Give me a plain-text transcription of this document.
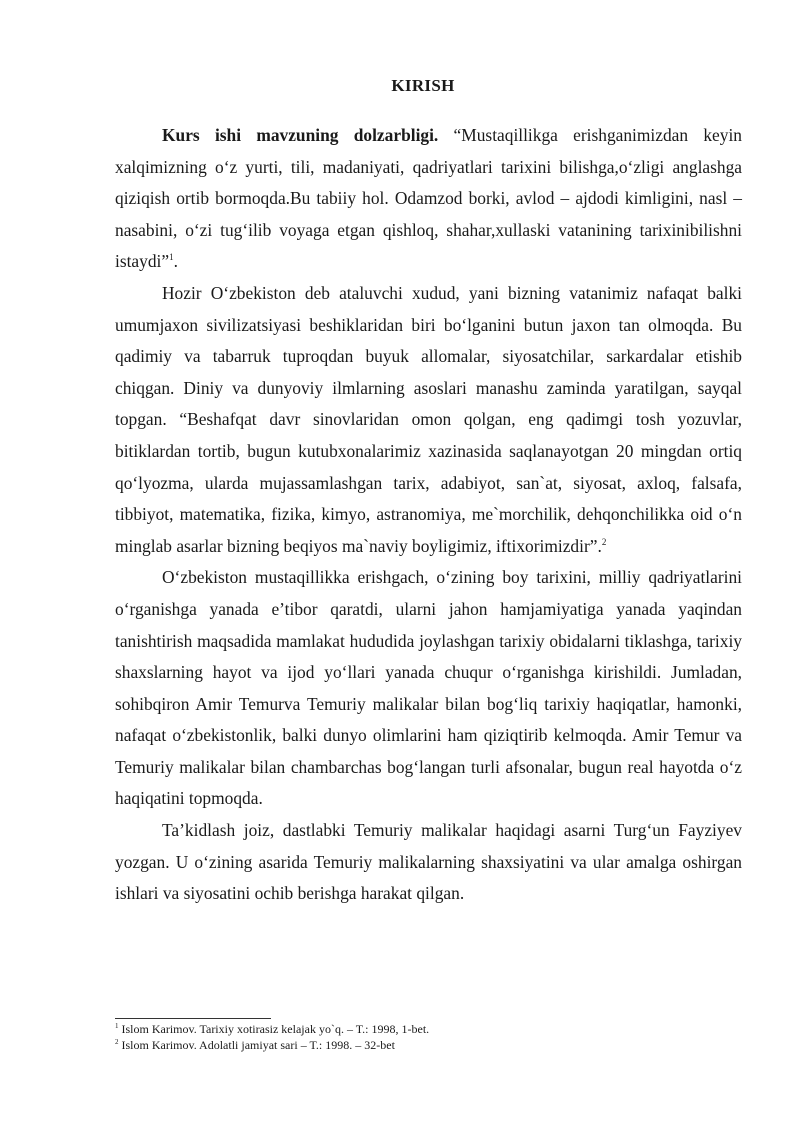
KIRISH

Kurs ishi mavzuning dolzarbligi. “Mustaqillikga erishganimizdan keyin xalqimizning o‘z yurti, tili, madaniyati, qadriyatlari tarixini bilishga,o‘zligi anglashga qiziqish ortib bormoqda.Bu tabiiy hol. Odamzod borki, avlod – ajdodi kimligini, nasl – nasabini, o‘zi tug‘ilib voyaga etgan qishloq, shahar,xullaski vatanining tarixinibilishni istaydi”$^1$.

Hozir O‘zbekiston deb ataluvchi xudud, yani bizning vatanimiz nafaqat balki umumjaxon sivilizatsiyasi beshiklaridan biri bo‘lganini butun jaxon tan olmoqda. Bu qadimiy va tabarruk tuproqdan buyuk allomalar, siyosatchilar, sarkardalar etishib chiqgan. Diniy va dunyoviy ilmlarning asoslari manashu zaminda yaratilgan, sayqal topgan. “Beshafqat davr sinovlaridan omon qolgan, eng qadimgi tosh yozuvlar, bitiklardan tortib, bugun kutubxonalarimiz xazinasida saqlanayotgan 20 mingdan ortiq qo‘lyozma, ularda mujassamlashgan tarix, adabiyot, san`at, siyosat, axloq, falsafa, tibbiyot, matematika, fizika, kimyo, astranomiya, me`morchilik, dehqonchilikka oid o‘n minglab asarlar bizning beqiyos ma`naviy boyligimiz, iftixorimizdir”.$^2$

O‘zbekiston mustaqillikka erishgach, o‘zining boy tarixini, milliy qadriyatlarini o‘rganishga yanada e’tibor qaratdi, ularni jahon hamjamiyatiga yanada yaqindan tanishtirish maqsadida mamlakat hududida joylashgan tarixiy obidalarni tiklashga, tarixiy shaxslarning hayot va ijod yo‘llari yanada chuqur o‘rganishga kirishildi. Jumladan, sohibqiron Amir Temurva Temuriy malikalar bilan bog‘liq tarixiy haqiqatlar, hamonki, nafaqat o‘zbekistonlik, balki dunyo olimlarini ham qiziqtirib kelmoqda. Amir Temur va Temuriy malikalar bilan chambarchas bog‘langan turli afsonalar, bugun real hayotda o‘z haqiqatini topmoqda.

Ta’kidlash joiz, dastlabki Temuriy malikalar haqidagi asarni Turg‘un Fayziyev yozgan. U o‘zining asarida Temuriy malikalarning shaxsiyatini va ular amalga oshirgan ishlari va siyosatini ochib berishga harakat qilgan.

$^1$ Islom Karimov. Tarixiy xotirasiz kelajak yo`q. – T.: 1998, 1-bet.
$^2$ Islom Karimov. Adolatli jamiyat sari – T.: 1998. – 32-bet
